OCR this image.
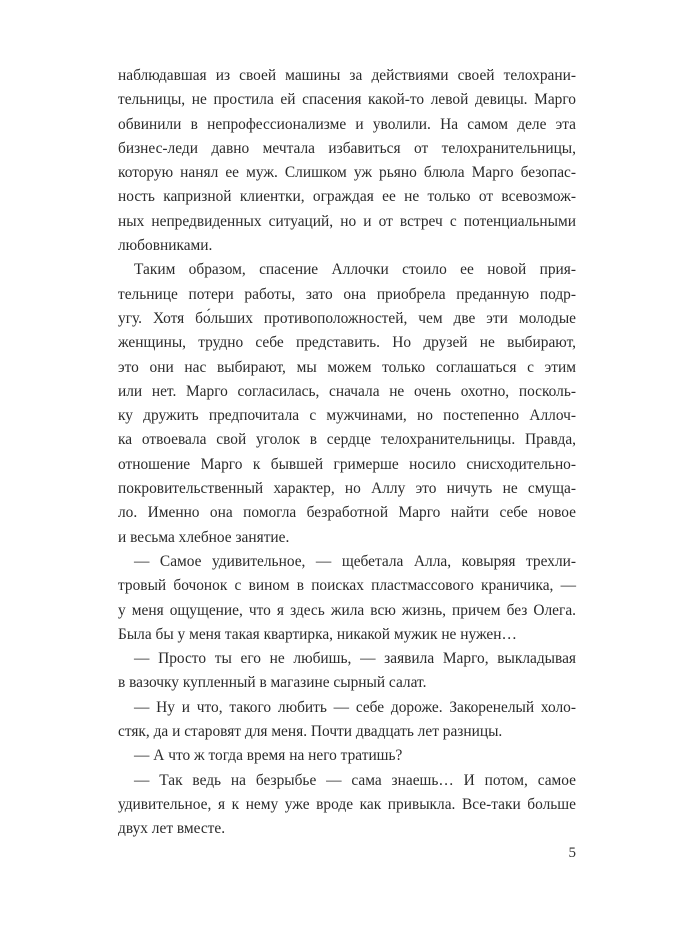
наблюдавшая из своей машины за действиями своей телохрани-
тельницы, не простила ей спасения какой-то левой девицы. Марго
обвинили в непрофессионализме и уволили. На самом деле эта
бизнес-леди давно мечтала избавиться от телохранительницы,
которую нанял ее муж. Слишком уж рьяно блюла Марго безопас-
ность капризной клиентки, ограждая ее не только от всевозмож-
ных непредвиденных ситуаций, но и от встреч с потенциальными
любовниками.
Таким образом, спасение Аллочки стоило ее новой прия-
тельнице потери работы, зато она приобрела преданную подр-
угу. Хотя бо́льших противоположностей, чем две эти молодые
женщины, трудно себе представить. Но друзей не выбирают,
это они нас выбирают, мы можем только соглашаться с этим
или нет. Марго согласилась, сначала не очень охотно, посколь-
ку дружить предпочитала с мужчинами, но постепенно Аллоч-
ка отвоевала свой уголок в сердце телохранительницы. Правда,
отношение Марго к бывшей гримерше носило снисходительно-
покровительственный характер, но Аллу это ничуть не смуща-
ло. Именно она помогла безработной Марго найти себе новое
и весьма хлебное занятие.
— Самое удивительное, — щебетала Алла, ковыряя трехли-
тровый бочонок с вином в поисках пластмассового краничика, —
у меня ощущение, что я здесь жила всю жизнь, причем без Олега.
Была бы у меня такая квартирка, никакой мужик не нужен…
— Просто ты его не любишь, — заявила Марго, выкладывая
в вазочку купленный в магазине сырный салат.
— Ну и что, такого любить — себе дороже. Закоренелый холо-
стяк, да и старовят для меня. Почти двадцать лет разницы.
— А что ж тогда время на него тратишь?
— Так ведь на безрыбье — сама знаешь… И потом, самое
удивительное, я к нему уже вроде как привыкла. Все-таки больше
двух лет вместе.
5
